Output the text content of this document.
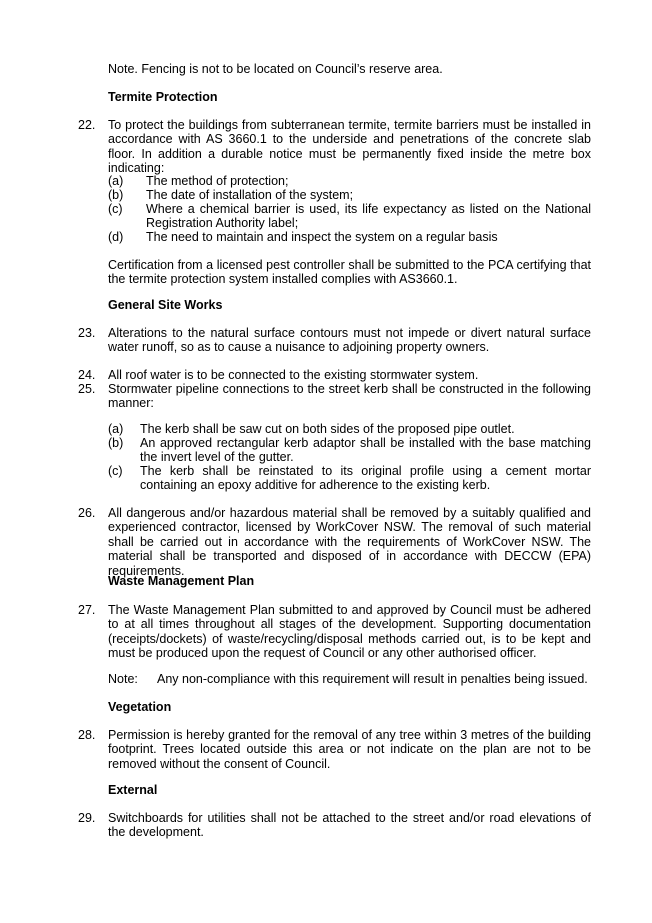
Note. Fencing is not to be located on Council’s reserve area.
Termite Protection
22. To protect the buildings from subterranean termite, termite barriers must be installed in accordance with AS 3660.1 to the underside and penetrations of the concrete slab floor. In addition a durable notice must be permanently fixed inside the metre box indicating:
(a) The method of protection;
(b) The date of installation of the system;
(c) Where a chemical barrier is used, its life expectancy as listed on the National Registration Authority label;
(d) The need to maintain and inspect the system on a regular basis
Certification from a licensed pest controller shall be submitted to the PCA certifying that the termite protection system installed complies with AS3660.1.
General Site Works
23. Alterations to the natural surface contours must not impede or divert natural surface water runoff, so as to cause a nuisance to adjoining property owners.
24. All roof water is to be connected to the existing stormwater system.
25. Stormwater pipeline connections to the street kerb shall be constructed in the following manner:
(a) The kerb shall be saw cut on both sides of the proposed pipe outlet.
(b) An approved rectangular kerb adaptor shall be installed with the base matching the invert level of the gutter.
(c) The kerb shall be reinstated to its original profile using a cement mortar containing an epoxy additive for adherence to the existing kerb.
26. All dangerous and/or hazardous material shall be removed by a suitably qualified and experienced contractor, licensed by WorkCover NSW. The removal of such material shall be carried out in accordance with the requirements of WorkCover NSW. The material shall be transported and disposed of in accordance with DECCW (EPA) requirements.
Waste Management Plan
27. The Waste Management Plan submitted to and approved by Council must be adhered to at all times throughout all stages of the development. Supporting documentation (receipts/dockets) of waste/recycling/disposal methods carried out, is to be kept and must be produced upon the request of Council or any other authorised officer.
Note: Any non-compliance with this requirement will result in penalties being issued.
Vegetation
28. Permission is hereby granted for the removal of any tree within 3 metres of the building footprint. Trees located outside this area or not indicate on the plan are not to be removed without the consent of Council.
External
29. Switchboards for utilities shall not be attached to the street and/or road elevations of the development.
